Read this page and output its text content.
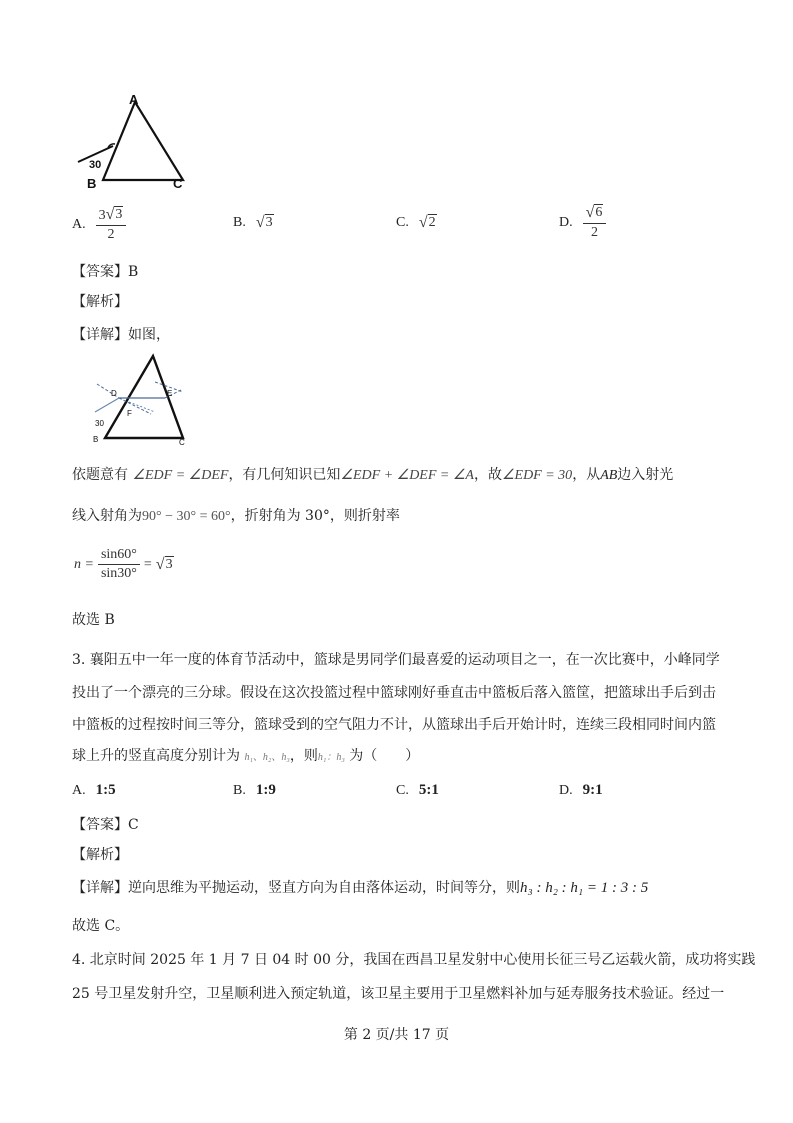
A
B	C
30
A. $\frac{3 √ 3}{2}$	B. √ 3	C. √ 2	D. $\frac{√ 6}{2}$
【答案】B
【解析】
【详解】如图，
D	E
F
B	C
30
依题意有 ∠EDF = ∠DEF，有几何知识已知∠EDF + ∠DEF = ∠A，故∠EDF = 30，从AB边入射光
线入射角为90° − 30° = 60°，折射角为 30°，则折射率
$n = \frac{\sin 60^\circ}{\sin 30^\circ}$ = √ 3
故选 B
3. 襄阳五中一年一度的体育节活动中，篮球是男同学们最喜爱的运动项目之一，在一次比赛中，小峰同学
投出了一个漂亮的三分球。假设在这次投篮过程中篮球刚好垂直击中篮板后落入篮筐，把篮球出手后到击
中篮板的过程按时间三等分，篮球受到的空气阻力不计，从篮球出手后开始计时，连续三段相同时间内篮
球上升的竖直高度分别计为 h₁、h₂、h₃，则h₁：h₃ 为（　　）
A. 1:5	B. 1:9	C. 5:1	D. 9:1
【答案】C
【解析】
【详解】逆向思维为平抛运动，竖直方向为自由落体运动，时间等分，则h₃ : h₂ : h₁ = 1 : 3 : 5
故选 C。
4. 北京时间 2025 年 1 月 7 日 04 时 00 分，我国在西昌卫星发射中心使用长征三号乙运载火箭，成功将实践
25 号卫星发射升空，卫星顺利进入预定轨道，该卫星主要用于卫星燃料补加与延寿服务技术验证。经过一
第 2 页/共 17 页
